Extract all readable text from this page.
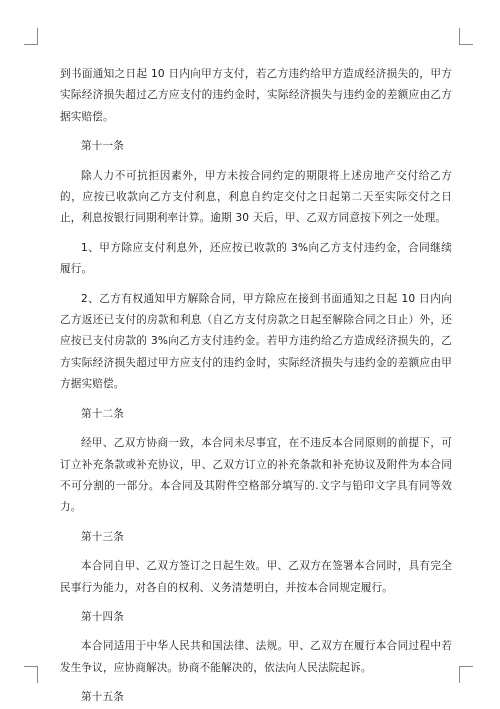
到书面通知之日起 10 日内向甲方支付，若乙方违约给甲方造成经济损失的，甲方实际经济损失超过乙方应支付的违约金时，实际经济损失与违约金的差额应由乙方据实赔偿。

第十一条

除人力不可抗拒因素外，甲方未按合同约定的期限将上述房地产交付给乙方的，应按已收款向乙方支付利息，利息自约定交付之日起第二天至实际交付之日止，利息按银行同期利率计算。逾期 30 天后，甲、乙双方同意按下列之一处理。

1、甲方除应支付利息外，还应按已收款的 3%向乙方支付违约金，合同继续履行。

2、乙方有权通知甲方解除合同，甲方除应在接到书面通知之日起 10 日内向乙方返还已支付的房款和利息（自乙方支付房款之日起至解除合同之日止）外，还应按已支付房款的 3%向乙方支付违约金。若甲方违约给乙方造成经济损失的，乙方实际经济损失超过甲方应支付的违约金时，实际经济损失与违约金的差额应由甲方据实赔偿。

第十二条

经甲、乙双方协商一致，本合同未尽事宜，在不违反本合同原则的前提下，可订立补充条款或补充协议，甲、乙双方订立的补充条款和补充协议及附件为本合同不可分割的一部分。本合同及其附件空格部分填写的.文字与铅印文字具有同等效力。

第十三条

本合同自甲、乙双方签订之日起生效。甲、乙双方在签署本合同时，具有完全民事行为能力，对各自的权利、义务清楚明白，并按本合同规定履行。

第十四条

本合同适用于中华人民共和国法律、法规。甲、乙双方在履行本合同过程中若发生争议，应协商解决。协商不能解决的，依法向人民法院起诉。

第十五条
